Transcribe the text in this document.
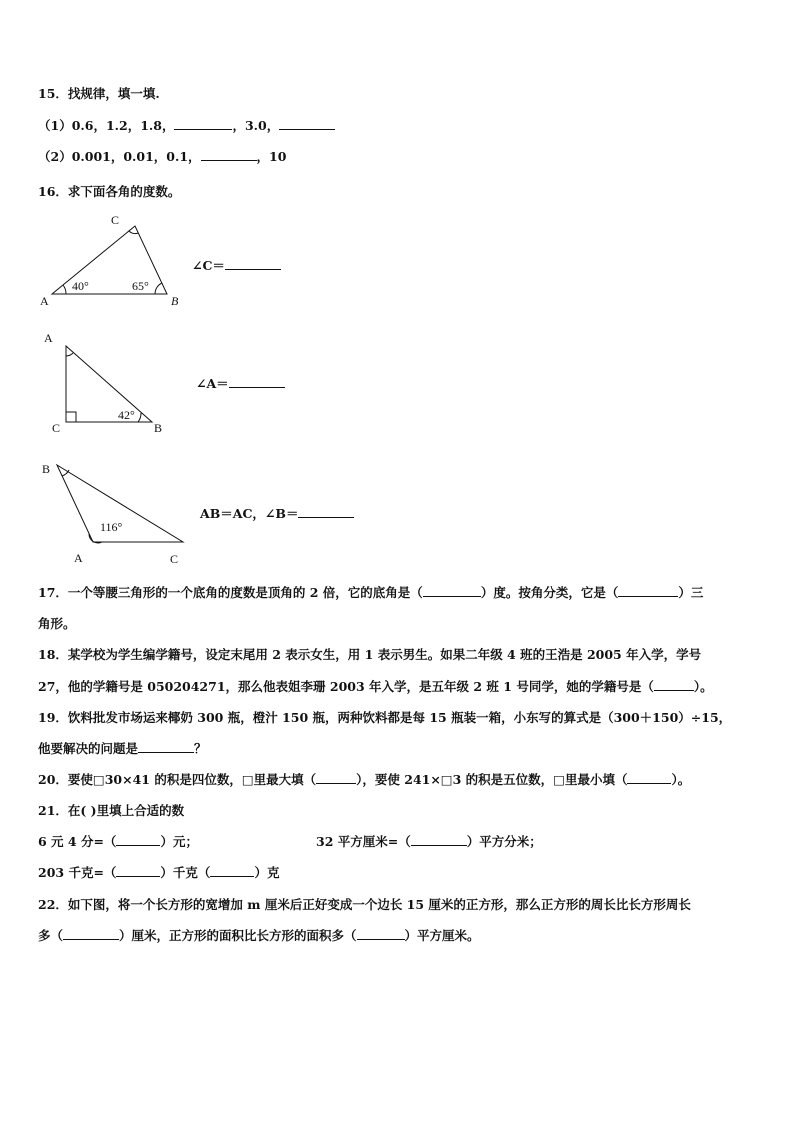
15．找规律，填一填.
（1）0.6，1.2，1.8，	，3.0，
（2）0.001，0.01，0.1，	，10
16．求下面各角的度数。
A	B
C
40°	65°
A
C	B
42°
B
A	C
116°
∠C＝
∠A＝
AB＝AC，∠B＝
17．一个等腰三角形的一个底角的度数是顶角的 2 倍，它的底角是（	）度。按角分类，它是（	）三
角形。
18．某学校为学生编学籍号，设定末尾用 2 表示女生，用 1 表示男生。如果二年级 4 班的王浩是 2005 年入学，学号
27，他的学籍号是 050204271，那么他表姐李珊 2003 年入学，是五年级 2 班 1 号同学，她的学籍号是（	）。
19．饮料批发市场运来椰奶 300 瓶，橙汁 150 瓶，两种饮料都是每 15 瓶装一箱，小东写的算式是（300＋150）÷15，
他要解决的问题是	？
20．要使□30×41 的积是四位数，□里最大填（	），要使 241×□3 的积是五位数，□里最小填（	）。
21．在( )里填上合适的数
6 元 4 分=（	）元；	32 平方厘米=（	）平方分米；
203 千克=（	）千克（	）克
22．如下图，将一个长方形的宽增加 m 厘米后正好变成一个边长 15 厘米的正方形，那么正方形的周长比长方形周长
多（	）厘米，正方形的面积比长方形的面积多（	）平方厘米。
